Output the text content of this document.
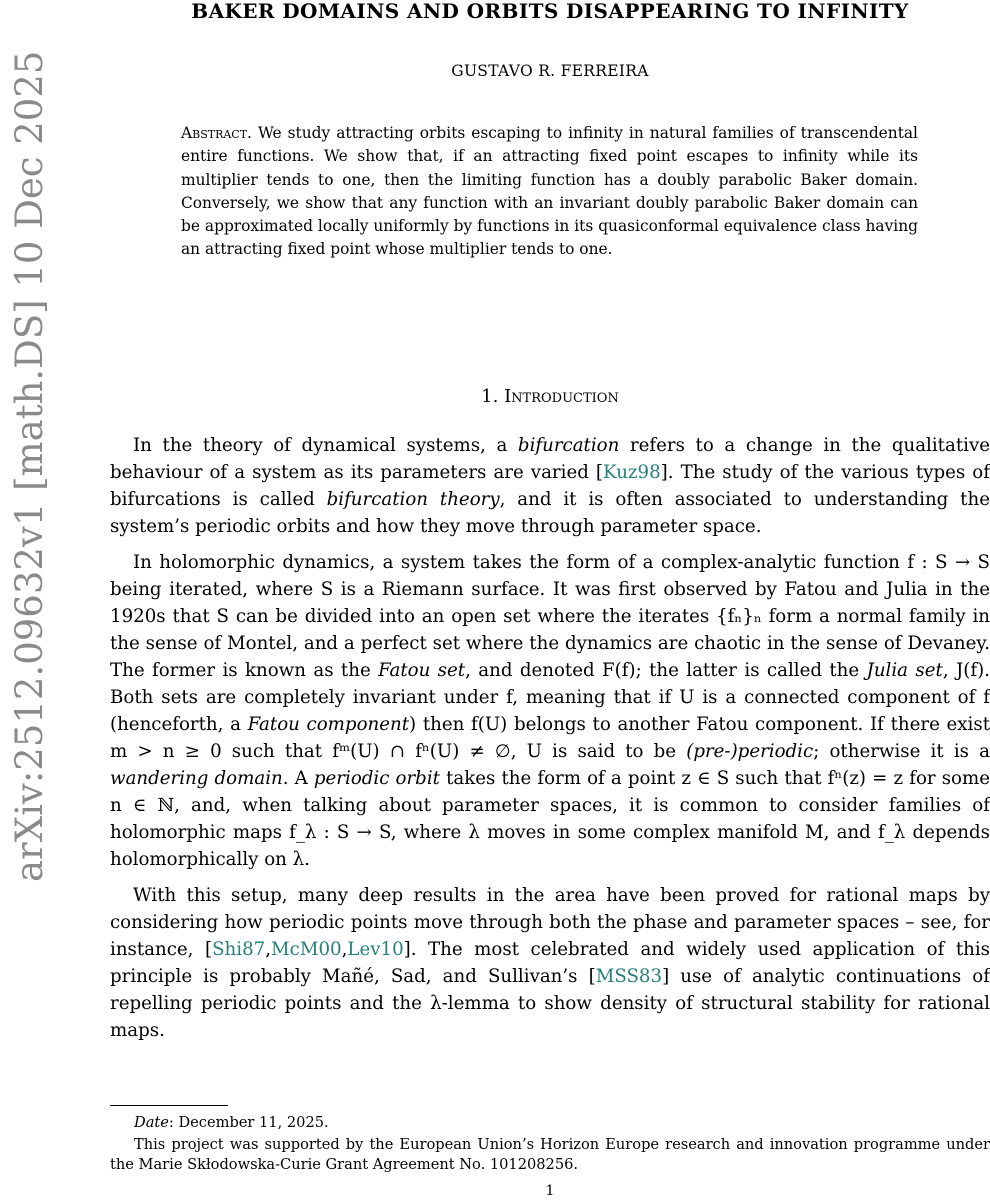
arXiv:2512.09632v1 [math.DS] 10 Dec 2025
BAKER DOMAINS AND ORBITS DISAPPEARING TO INFINITY
GUSTAVO R. FERREIRA
Abstract. We study attracting orbits escaping to infinity in natural families of transcendental entire functions. We show that, if an attracting fixed point escapes to infinity while its multiplier tends to one, then the limiting function has a doubly parabolic Baker domain. Conversely, we show that any function with an invariant doubly parabolic Baker domain can be approximated locally uniformly by functions in its quasiconformal equivalence class having an attracting fixed point whose multiplier tends to one.
1. Introduction

In the theory of dynamical systems, a bifurcation refers to a change in the qualitative behaviour of a system as its parameters are varied [Kuz98]. The study of the various types of bifurcations is called bifurcation theory, and it is often associated to understanding the system’s periodic orbits and how they move through parameter space.

In holomorphic dynamics, a system takes the form of a complex-analytic function f : S → S being iterated, where S is a Riemann surface. It was first observed by Fatou and Julia in the 1920s that S can be divided into an open set where the iterates {fₙ}ₙ form a normal family in the sense of Montel, and a perfect set where the dynamics are chaotic in the sense of Devaney. The former is known as the Fatou set, and denoted F(f); the latter is called the Julia set, J(f). Both sets are completely invariant under f, meaning that if U is a connected component of f (henceforth, a Fatou component) then f(U) belongs to another Fatou component. If there exist m > n ≥ 0 such that fᵐ(U) ∩ fⁿ(U) ≠ ∅, U is said to be (pre-)periodic; otherwise it is a wandering domain. A periodic orbit takes the form of a point z ∈ S such that fⁿ(z) = z for some n ∈ ℕ, and, when talking about parameter spaces, it is common to consider families of holomorphic maps f_λ : S → S, where λ moves in some complex manifold M, and f_λ depends holomorphically on λ.

With this setup, many deep results in the area have been proved for rational maps by considering how periodic points move through both the phase and parameter spaces – see, for instance, [Shi87,McM00,Lev10]. The most celebrated and widely used application of this principle is probably Mañé, Sad, and Sullivan’s [MSS83] use of analytic continuations of repelling periodic points and the λ-lemma to show density of structural stability for rational maps.

Date: December 11, 2025.

This project was supported by the European Union’s Horizon Europe research and innovation programme under the Marie Skłodowska-Curie Grant Agreement No. 101208256.

1
